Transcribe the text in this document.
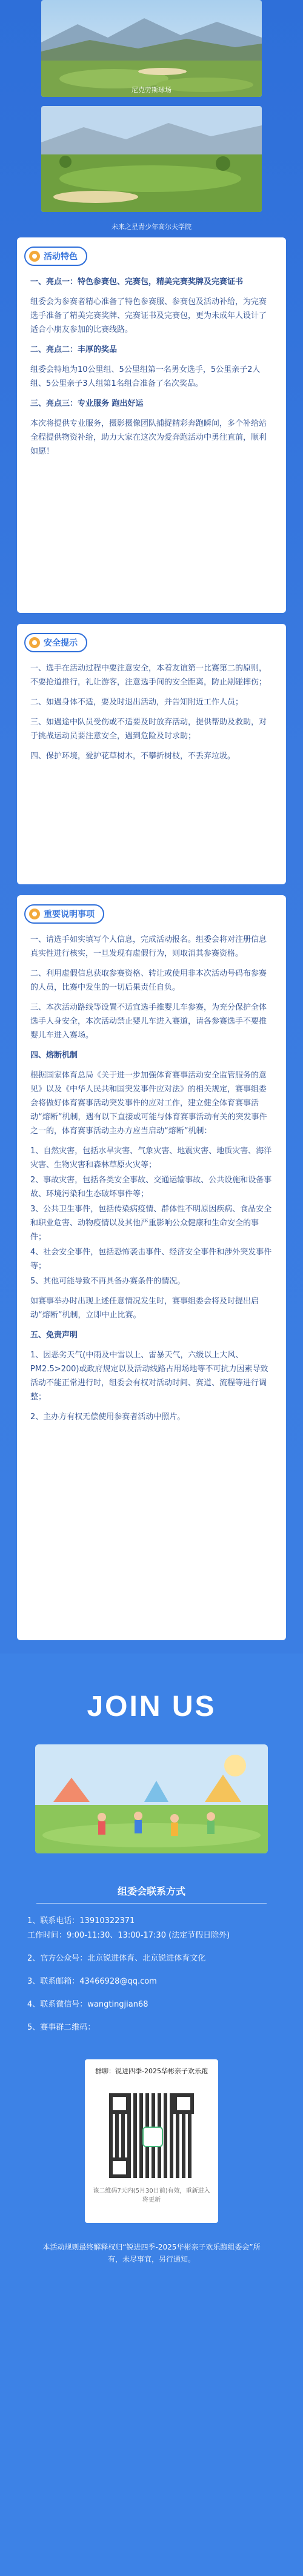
尼克劳斯球场
未来之星青少年高尔夫学院
活动特色

一、亮点一：特色参赛包、完赛包，精美完赛奖牌及完赛证书

组委会为参赛者精心准备了特色参赛服、参赛包及活动补给，为完赛选手准备了精美完赛奖牌、完赛证书及完赛包，更为未成年人设计了适合小朋友参加的比赛线路。

二、亮点二：丰厚的奖品

组委会特地为10公里组、5公里组第一名男女选手，5公里亲子2人组、5公里亲子3人组第1名组合准备了名次奖品。

三、亮点三：专业服务 跑出好运

本次将提供专业服务，摄影摄像团队捕捉精彩奔跑瞬间，多个补给站全程提供物资补给，助力大家在这次为爱奔跑活动中勇往直前，顺利如愿！

安全提示

一、选手在活动过程中要注意安全，本着友谊第一比赛第二的原则，不要抢道推行，礼让游客，注意选手间的安全距离，防止剐碰摔伤；

二、如遇身体不适，要及时退出活动，并告知附近工作人员；

三、如遇途中队员受伤或不适要及时放弃活动，提供帮助及救助，对于挑战运动员要注意安全，遇到危险及时求助；

四、保护环境，爱护花草树木，不攀折树枝，不丢弃垃圾。

重要说明事项

一、请选手如实填写个人信息，完成活动报名。组委会将对注册信息真实性进行核实，一旦发现有虚假行为，则取消其参赛资格。

二、利用虚假信息获取参赛资格、转让或使用非本次活动号码布参赛的人员，比赛中发生的一切后果责任自负。

三、本次活动路线等设置不适宜选手推婴儿车参赛，为充分保护全体选手人身安全，本次活动禁止婴儿车进入赛道，请各参赛选手不要推婴儿车进入赛场。

四、熔断机制

根据国家体育总局《关于进一步加强体育赛事活动安全监管服务的意见》以及《中华人民共和国突发事件应对法》的相关规定，赛事组委会将做好体育赛事活动突发事件的应对工作，建立健全体育赛事活动“熔断”机制，遇有以下直接或可能与体育赛事活动有关的突发事件之一的，体育赛事活动主办方应当启动“熔断”机制：

1、自然灾害，包括水旱灾害、气象灾害、地震灾害、地质灾害、海洋灾害、生物灾害和森林草原火灾等；

2、事故灾害，包括各类安全事故、交通运输事故、公共设施和设备事故、环境污染和生态破坏事件等；

3、公共卫生事件，包括传染病疫情、群体性不明原因疾病、食品安全和职业危害、动物疫情以及其他严重影响公众健康和生命安全的事件；

4、社会安全事件，包括恐怖袭击事件、经济安全事件和涉外突发事件等；

5、其他可能导致不再具备办赛条件的情况。

如赛事举办时出现上述任意情况发生时，赛事组委会将及时提出启动“熔断”机制，立即中止比赛。

五、免责声明

1、因恶劣天气(中雨及中雪以上、雷暴天气，六级以上大风、PM2.5>200)或政府规定以及活动线路占用场地等不可抗力因素导致活动不能正常进行时，组委会有权对活动时间、赛道、流程等进行调整；

2、主办方有权无偿使用参赛者活动中照片。

JOIN US
组委会联系方式
1、联系电话：13910322371
工作时间：9:00-11:30、13:00-17:30 (法定节假日除外)
2、官方公众号：北京锐进体育、北京锐进体育文化
3、联系邮箱：43466928@qq.com
4、联系微信号：wangtingjian68
5、赛事群二维码：
群聊：锐进四季-2025华彬亲子欢乐跑
该二维码7天内(5月30日前)有效，重新进入将更新
本活动规则最终解释权归“锐进四季-2025华彬亲子欢乐跑组委会”所有，未尽事宜，另行通知。
